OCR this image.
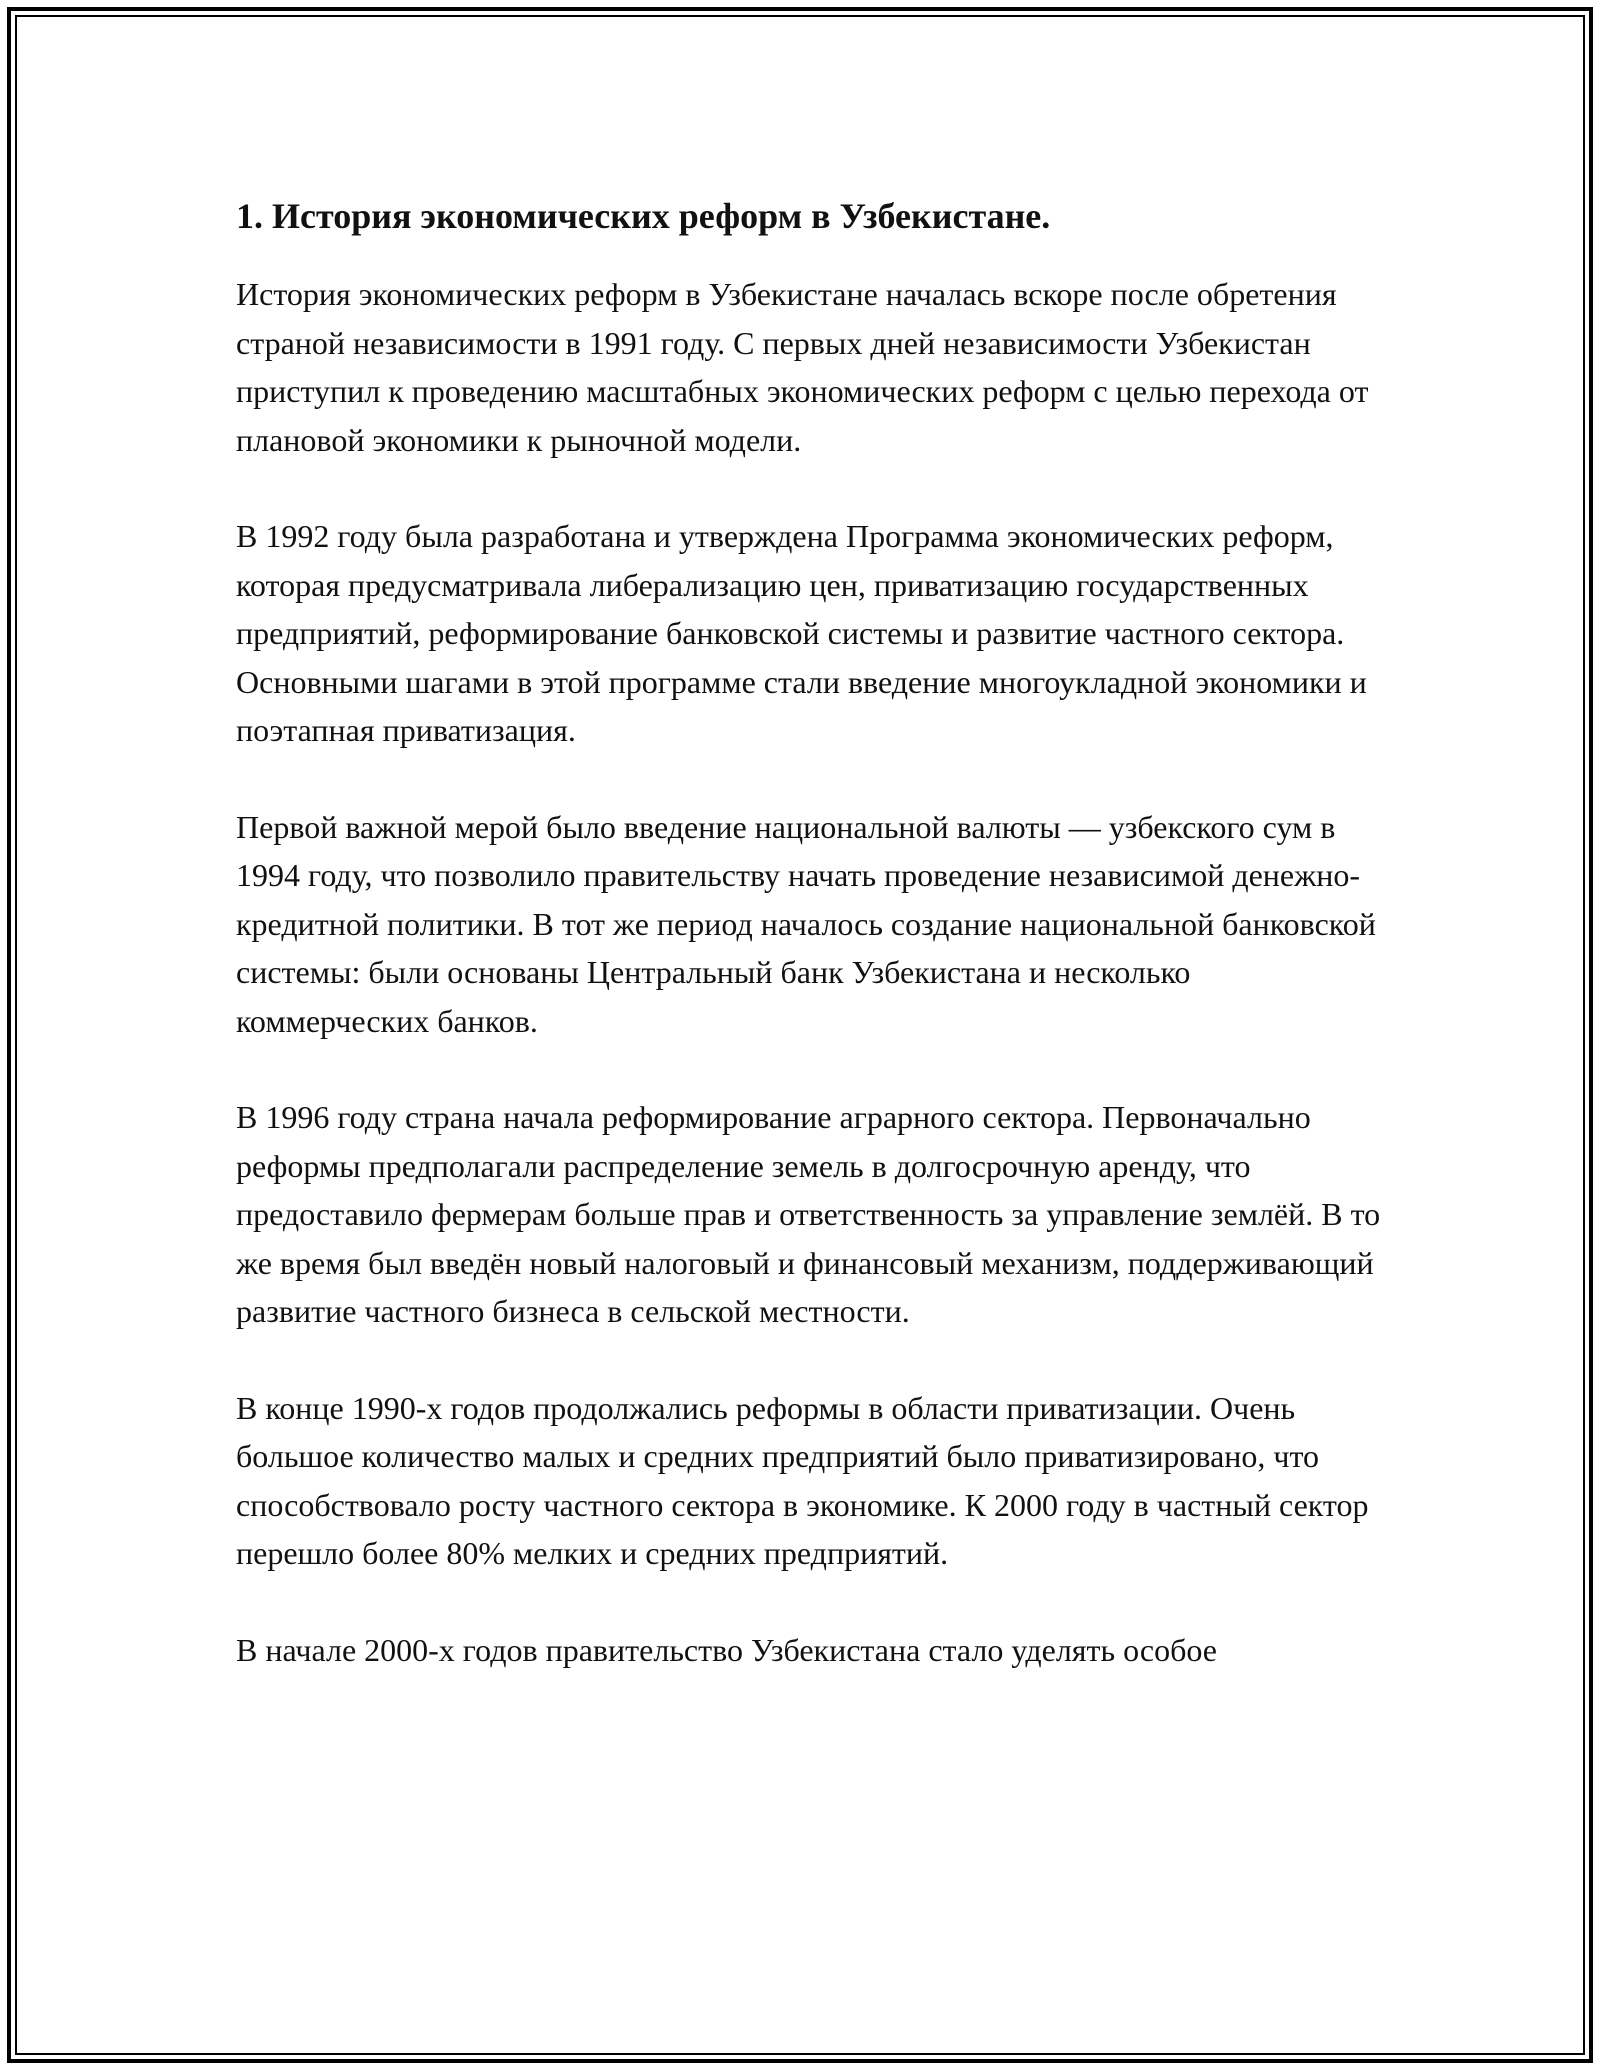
1. История экономических реформ в Узбекистане.

История экономических реформ в Узбекистане началась вскоре после обретения страной независимости в 1991 году. С первых дней независимости Узбекистан приступил к проведению масштабных экономических реформ с целью перехода от плановой экономики к рыночной модели.

В 1992 году была разработана и утверждена Программа экономических реформ, которая предусматривала либерализацию цен, приватизацию государственных предприятий, реформирование банковской системы и развитие частного сектора. Основными шагами в этой программе стали введение многоукладной экономики и поэтапная приватизация.

Первой важной мерой было введение национальной валюты — узбекского сум в 1994 году, что позволило правительству начать проведение независимой денежно-кредитной политики. В тот же период началось создание национальной банковской системы: были основаны Центральный банк Узбекистана и несколько коммерческих банков.

В 1996 году страна начала реформирование аграрного сектора. Первоначально реформы предполагали распределение земель в долгосрочную аренду, что предоставило фермерам больше прав и ответственность за управление землёй. В то же время был введён новый налоговый и финансовый механизм, поддерживающий развитие частного бизнеса в сельской местности.

В конце 1990-х годов продолжались реформы в области приватизации. Очень большое количество малых и средних предприятий было приватизировано, что способствовало росту частного сектора в экономике. К 2000 году в частный сектор перешло более 80% мелких и средних предприятий.

В начале 2000-х годов правительство Узбекистана стало уделять особое
